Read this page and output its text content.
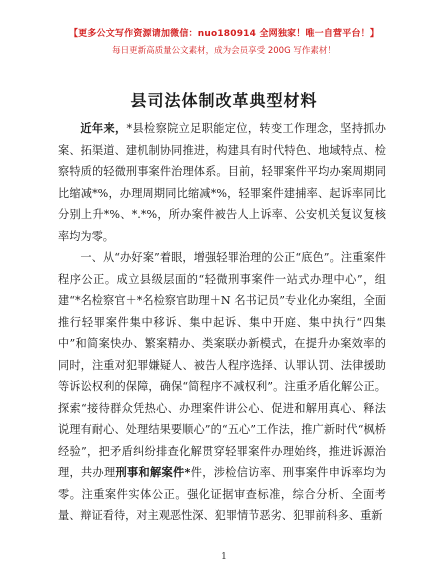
【更多公文写作资源请加微信：nuo180914 全网独家！唯一自营平台！】
每日更新高质量公文素材，成为会员享受 200G 写作素材！
县司法体制改革典型材料

近年来，*县检察院立足职能定位，转变工作理念，坚持抓办案、拓渠道、建机制协同推进，构建具有时代特色、地域特点、检察特质的轻微刑事案件治理体系。目前，轻罪案件平均办案周期同比缩减*%，办理周期同比缩减*%，轻罪案件建捕率、起诉率同比分别上升*%、*.*%，所办案件被告人上诉率、公安机关复议复核率均为零。

一、从“办好案”着眼，增强轻罪治理的公正“底色”。注重案件程序公正。成立县级层面的“轻微刑事案件一站式办理中心”，组建“*名检察官＋*名检察官助理＋N 名书记员”专业化办案组，全面推行轻罪案件集中移诉、集中起诉、集中开庭、集中执行“四集中”和简案快办、繁案精办、类案联办新模式，在提升办案效率的同时，注重对犯罪嫌疑人、被告人程序选择、认罪认罚、法律援助等诉讼权利的保障，确保“简程序不减权利”。注重矛盾化解公正。探索“接待群众凭热心、办理案件讲公心、促进和解用真心、释法说理有耐心、处理结果要顺心”的“五心”工作法，推广新时代“枫桥经验”，把矛盾纠纷排查化解贯穿轻罪案件办理始终，推进诉源治理，共办理刑事和解案件*件，涉检信访率、刑事案件申诉率均为零。注重案件实体公正。强化证据审查标准，综合分析、全面考量、辩证看待，对主观恶性深、犯罪情节恶劣、犯罪前科多、重新

1
